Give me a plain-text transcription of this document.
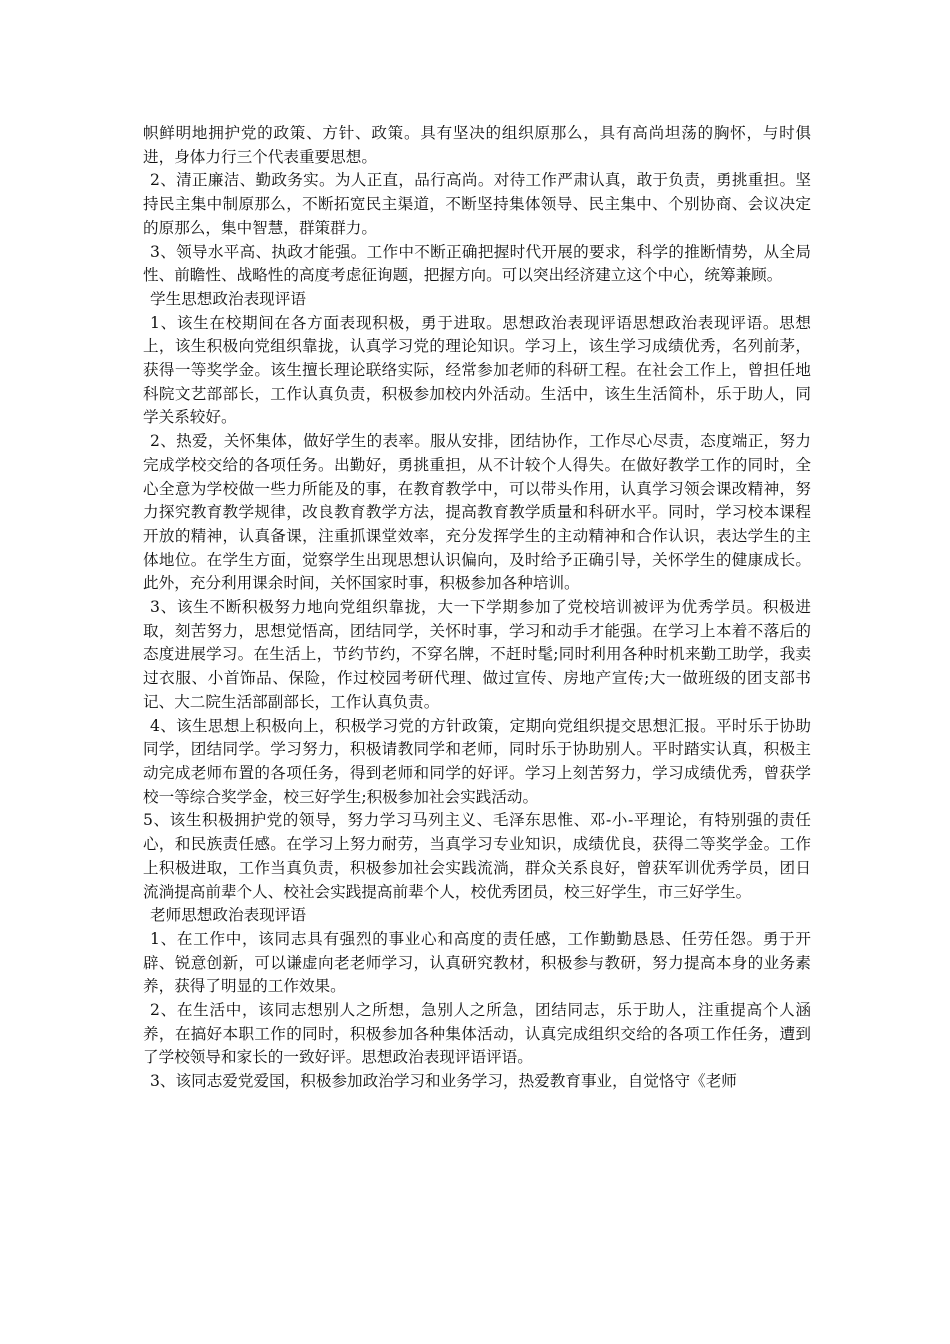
帜鲜明地拥护党的政策、方针、政策。具有坚决的组织原那么，具有高尚坦荡的胸怀，与时俱进，身体力行三个代表重要思想。

2、清正廉洁、勤政务实。为人正直，品行高尚。对待工作严肃认真，敢于负责，勇挑重担。坚持民主集中制原那么，不断拓宽民主渠道，不断坚持集体领导、民主集中、个别协商、会议决定的原那么，集中智慧，群策群力。

3、领导水平高、执政才能强。工作中不断正确把握时代开展的要求，科学的推断情势，从全局性、前瞻性、战略性的高度考虑征询题，把握方向。可以突出经济建立这个中心，统筹兼顾。

学生思想政治表现评语

1、该生在校期间在各方面表现积极，勇于进取。思想政治表现评语思想政治表现评语。思想上，该生积极向党组织靠拢，认真学习党的理论知识。学习上，该生学习成绩优秀，名列前茅，获得一等奖学金。该生擅长理论联络实际，经常参加老师的科研工程。在社会工作上，曾担任地科院文艺部部长，工作认真负责，积极参加校内外活动。生活中，该生生活简朴，乐于助人，同学关系较好。

2、热爱，关怀集体，做好学生的表率。服从安排，团结协作，工作尽心尽责，态度端正，努力完成学校交给的各项任务。出勤好，勇挑重担，从不计较个人得失。在做好教学工作的同时，全心全意为学校做一些力所能及的事，在教育教学中，可以带头作用，认真学习领会课改精神，努力探究教育教学规律，改良教育教学方法，提高教育教学质量和科研水平。同时，学习校本课程开放的精神，认真备课，注重抓课堂效率，充分发挥学生的主动精神和合作认识，表达学生的主体地位。在学生方面，觉察学生出现思想认识偏向，及时给予正确引导，关怀学生的健康成长。此外，充分利用课余时间，关怀国家时事，积极参加各种培训。

3、该生不断积极努力地向党组织靠拢，大一下学期参加了党校培训被评为优秀学员。积极进取，刻苦努力，思想觉悟高，团结同学，关怀时事，学习和动手才能强。在学习上本着不落后的态度进展学习。在生活上，节约节约，不穿名牌，不赶时髦;同时利用各种时机来勤工助学，我卖过衣服、小首饰品、保险，作过校园考研代理、做过宣传、房地产宣传;大一做班级的团支部书记、大二院生活部副部长，工作认真负责。

4、该生思想上积极向上，积极学习党的方针政策，定期向党组织提交思想汇报。平时乐于协助同学，团结同学。学习努力，积极请教同学和老师，同时乐于协助别人。平时踏实认真，积极主动完成老师布置的各项任务，得到老师和同学的好评。学习上刻苦努力，学习成绩优秀，曾获学校一等综合奖学金，校三好学生;积极参加社会实践活动。

5、该生积极拥护党的领导，努力学习马列主义、毛泽东思惟、邓-小-平理论，有特别强的责任心，和民族责任感。在学习上努力耐劳，当真学习专业知识，成绩优良，获得二等奖学金。工作上积极进取，工作当真负责，积极参加社会实践流淌，群众关系良好，曾获军训优秀学员，团日流淌提高前辈个人、校社会实践提高前辈个人，校优秀团员，校三好学生，市三好学生。

老师思想政治表现评语

1、在工作中，该同志具有强烈的事业心和高度的责任感，工作勤勤恳恳、任劳任怨。勇于开辟、锐意创新，可以谦虚向老老师学习，认真研究教材，积极参与教研，努力提高本身的业务素养，获得了明显的工作效果。

2、在生活中，该同志想别人之所想，急别人之所急，团结同志，乐于助人，注重提高个人涵养，在搞好本职工作的同时，积极参加各种集体活动，认真完成组织交给的各项工作任务，遭到了学校领导和家长的一致好评。思想政治表现评语评语。

3、该同志爱党爱国，积极参加政治学习和业务学习，热爱教育事业，自觉恪守《老师
